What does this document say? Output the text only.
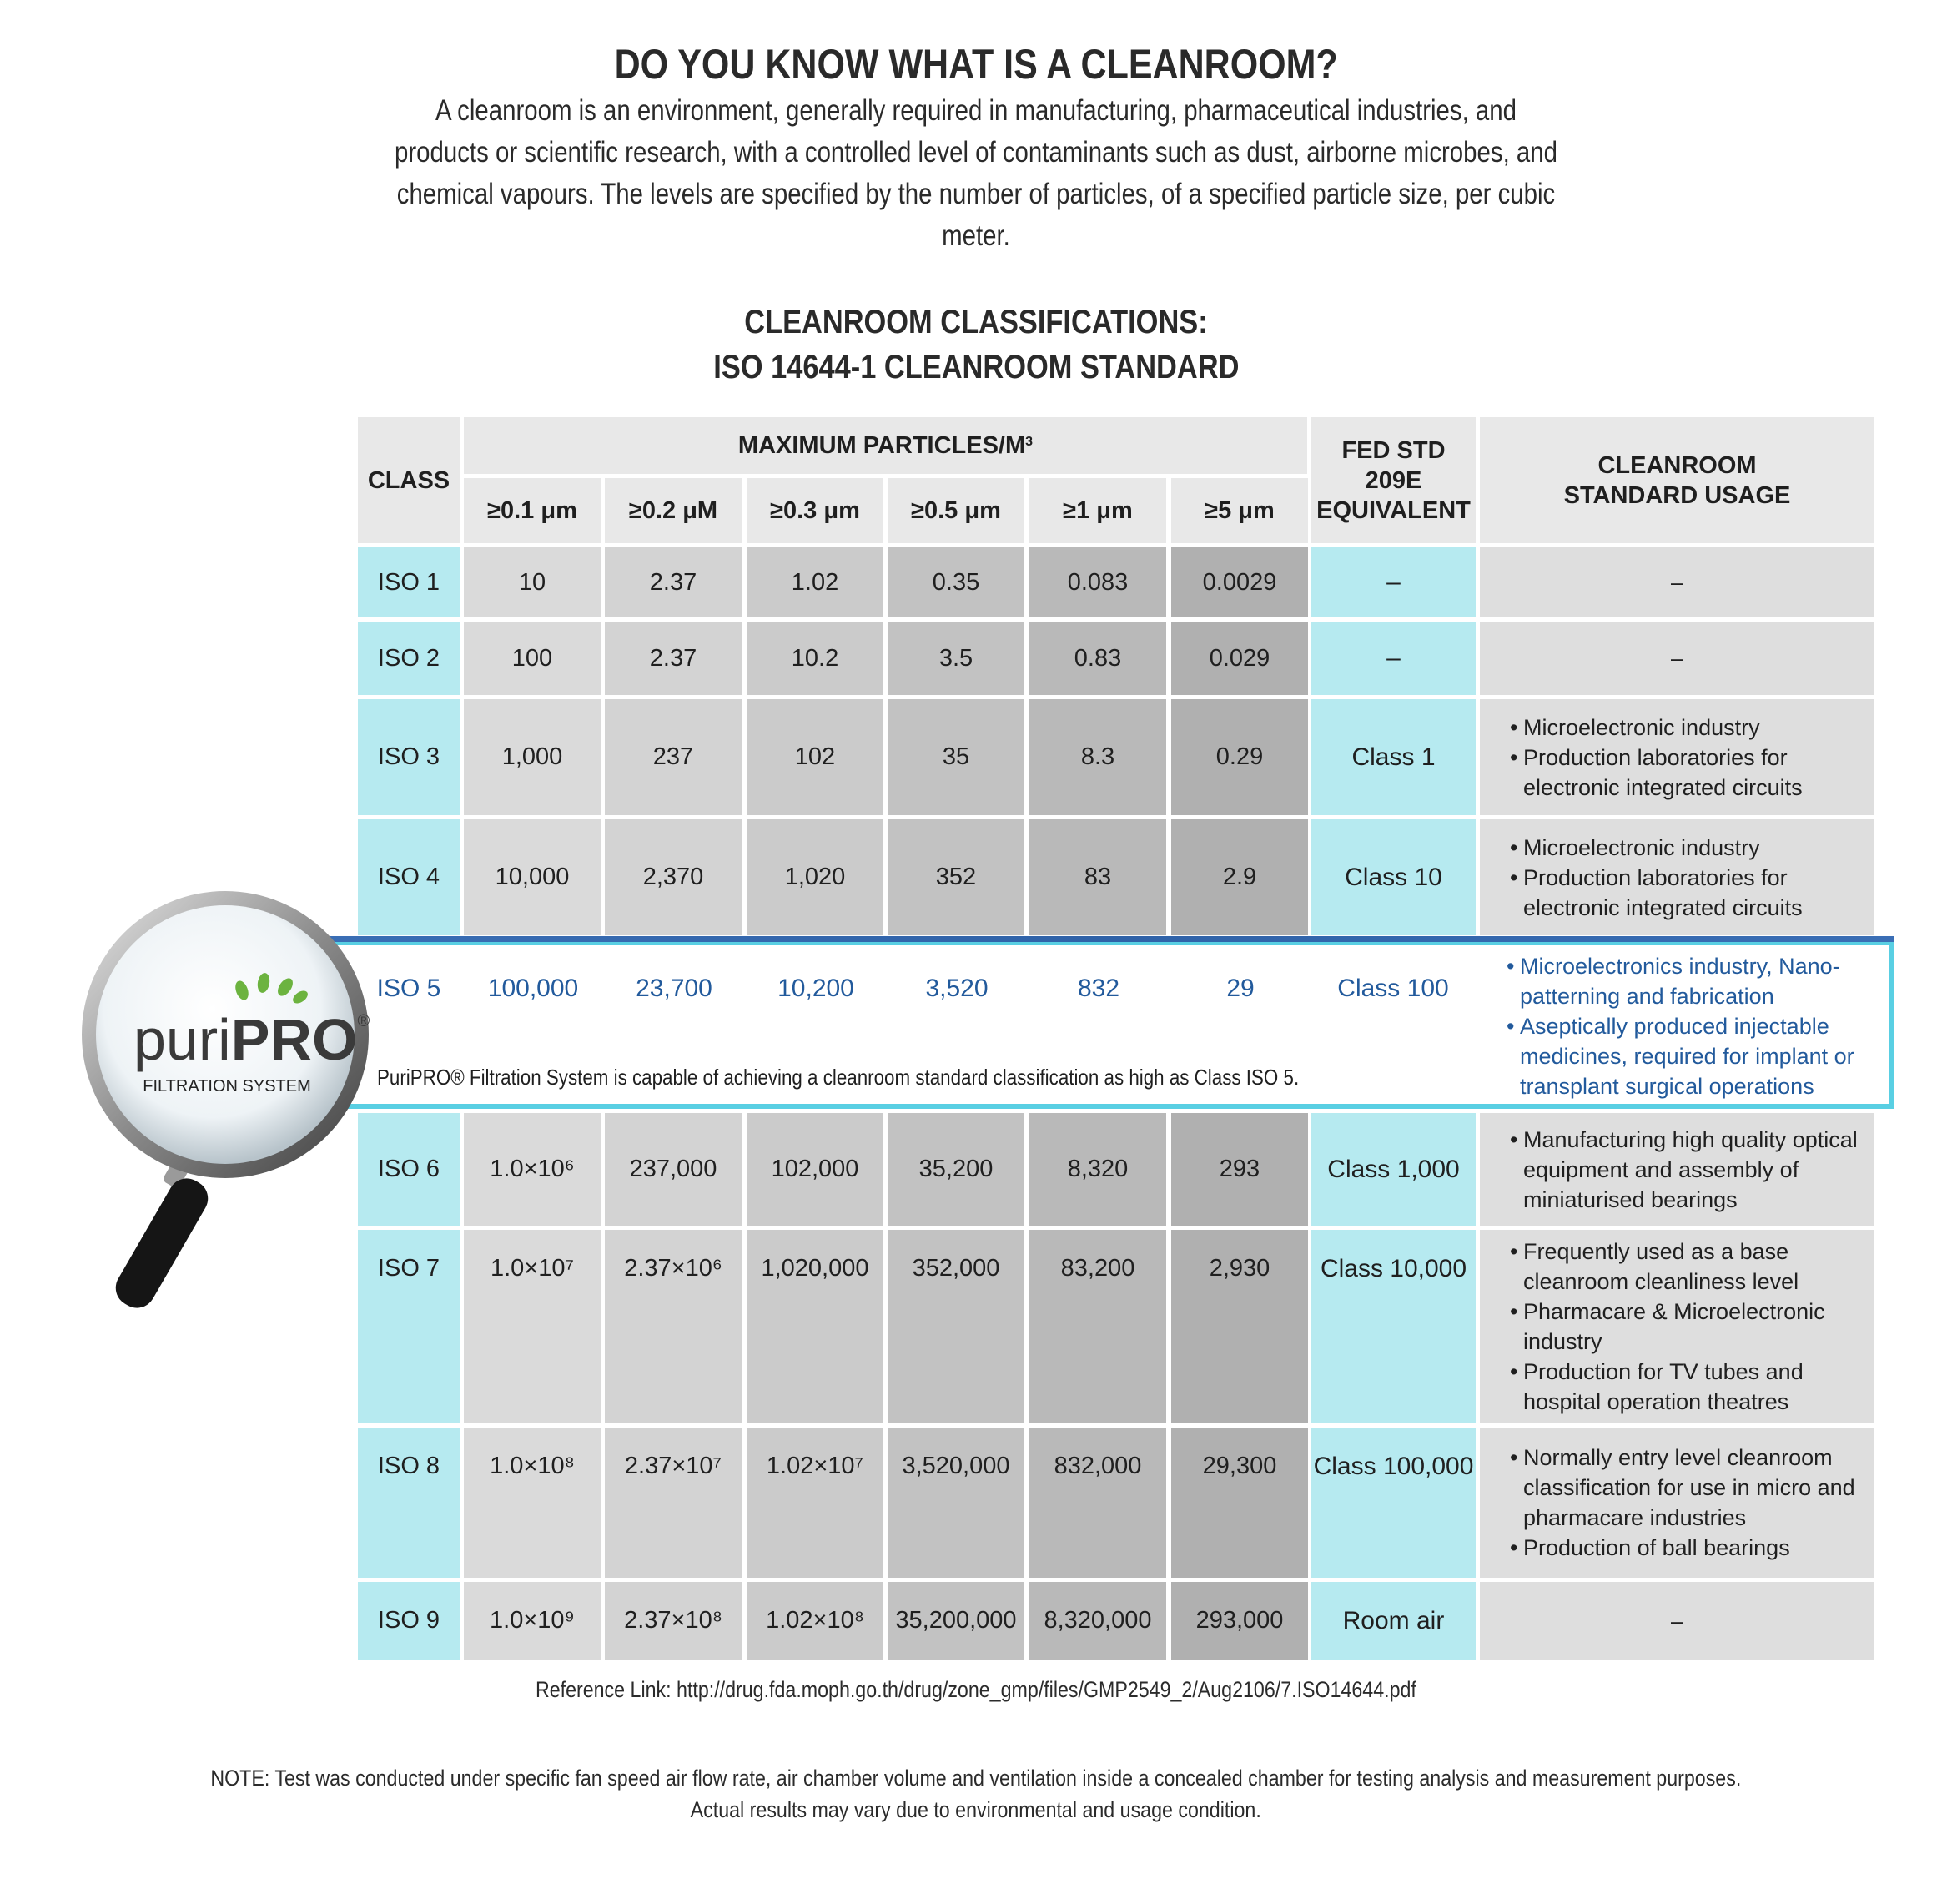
DO YOU KNOW WHAT IS A CLEANROOM?
A cleanroom is an environment, generally required in manufacturing, pharmaceutical industries, and products or scientific research, with a controlled level of contaminants such as dust, airborne microbes, and chemical vapours. The levels are specified by the number of particles, of a specified particle size, per cubic meter.
CLEANROOM CLASSIFICATIONS:
ISO 14644-1 CLEANROOM STANDARD
CLASS
MAXIMUM PARTICLES/$M^3$
≥0.1 μm	≥0.2 μM	≥0.3 μm	≥0.5 μm	≥1 μm	≥5 μm
FED STD 209E
EQUIVALENT
CLEANROOM
STANDARD USAGE
ISO 1	10	2.37	1.02	0.35	0.083	0.0029	–	–
ISO 2	100	2.37	10.2	3.5	0.83	0.029	–	–
ISO 3	1,000	237	102	35	8.3	0.29	Class 1
• Microelectronic industry
• Production laboratories for electronic integrated circuits
ISO 4	10,000	2,370	1,020	352	83	2.9	Class 10
• Microelectronic industry
• Production laboratories for electronic integrated circuits
ISO 6	1.0×10⁶	237,000	102,000	35,200	8,320	293	Class 1,000
• Manufacturing high quality optical equipment and assembly of miniaturised bearings
ISO 7	1.0×10⁷	2.37×10⁶	1,020,000	352,000	83,200	2,930	Class 10,000
• Frequently used as a base cleanroom cleanliness level
• Pharmacare & Microelectronic industry
• Production for TV tubes and hospital operation theatres
ISO 8	1.0×10⁸	2.37×10⁷	1.02×10⁷	3,520,000	832,000	29,300	Class 100,000
•	Normally entry level cleanroom classification for use in micro and pharmacare industries
• Production of ball bearings
ISO 9	1.0×10⁹	2.37×10⁸	1.02×10⁸	35,200,000	8,320,000	293,000	Room air	–
ISO 5	100,000	23,700	10,200	3,520	832	29	Class 100
PuriPRO® Filtration System is capable of achieving a cleanroom standard classification as high as Class ISO 5.
• Microelectronics industry, Nano-patterning and fabrication
• Aseptically produced injectable medicines, required for implant or transplant surgical operations
puriPRO®
FILTRATION SYSTEM
Reference Link: http://drug.fda.moph.go.th/drug/zone_gmp/files/GMP2549_2/Aug2106/7.ISO14644.pdf
NOTE: Test was conducted under specific fan speed air flow rate, air chamber volume and ventilation inside a concealed chamber for testing analysis and measurement purposes.
Actual results may vary due to environmental and usage condition.
